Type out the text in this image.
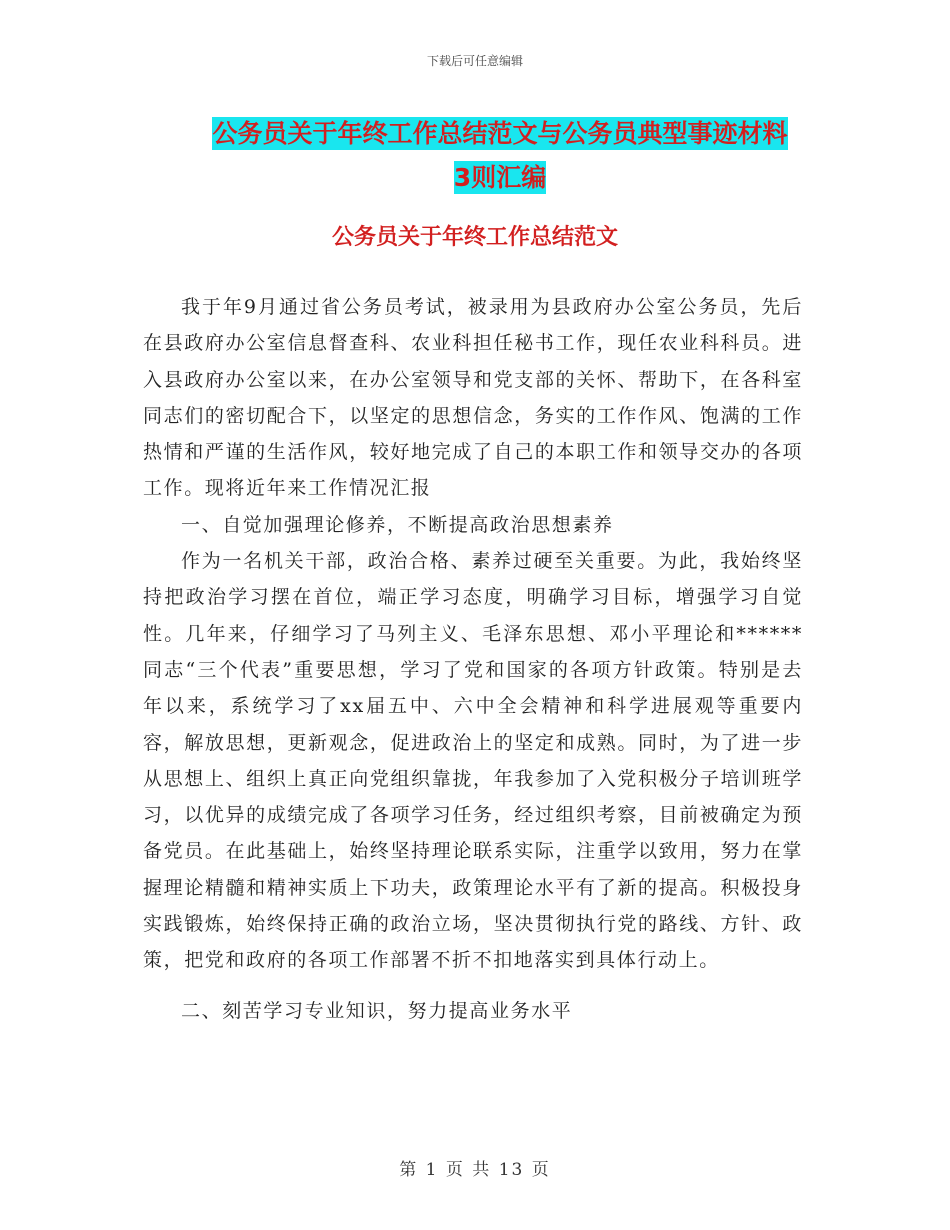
下载后可任意编辑
公务员关于年终工作总结范文与公务员典型事迹材料
3则汇编
公务员关于年终工作总结范文

我于年9月通过省公务员考试，被录用为县政府办公室公务员，先后在县政府办公室信息督查科、农业科担任秘书工作，现任农业科科员。进入县政府办公室以来，在办公室领导和党支部的关怀、帮助下，在各科室同志们的密切配合下，以坚定的思想信念，务实的工作作风、饱满的工作热情和严谨的生活作风，较好地完成了自己的本职工作和领导交办的各项工作。现将近年来工作情况汇报

一、自觉加强理论修养，不断提高政治思想素养

作为一名机关干部，政治合格、素养过硬至关重要。为此，我始终坚持把政治学习摆在首位，端正学习态度，明确学习目标，增强学习自觉性。几年来，仔细学习了马列主义、毛泽东思想、邓小平理论和******同志“三个代表”重要思想，学习了党和国家的各项方针政策。特别是去年以来，系统学习了xx届五中、六中全会精神和科学进展观等重要内容，解放思想，更新观念，促进政治上的坚定和成熟。同时，为了进一步从思想上、组织上真正向党组织靠拢，年我参加了入党积极分子培训班学习，以优异的成绩完成了各项学习任务，经过组织考察，目前被确定为预备党员。在此基础上，始终坚持理论联系实际，注重学以致用，努力在掌握理论精髓和精神实质上下功夫，政策理论水平有了新的提高。积极投身实践锻炼，始终保持正确的政治立场，坚决贯彻执行党的路线、方针、政策，把党和政府的各项工作部署不折不扣地落实到具体行动上。

二、刻苦学习专业知识，努力提高业务水平

第 1 页 共 13 页
